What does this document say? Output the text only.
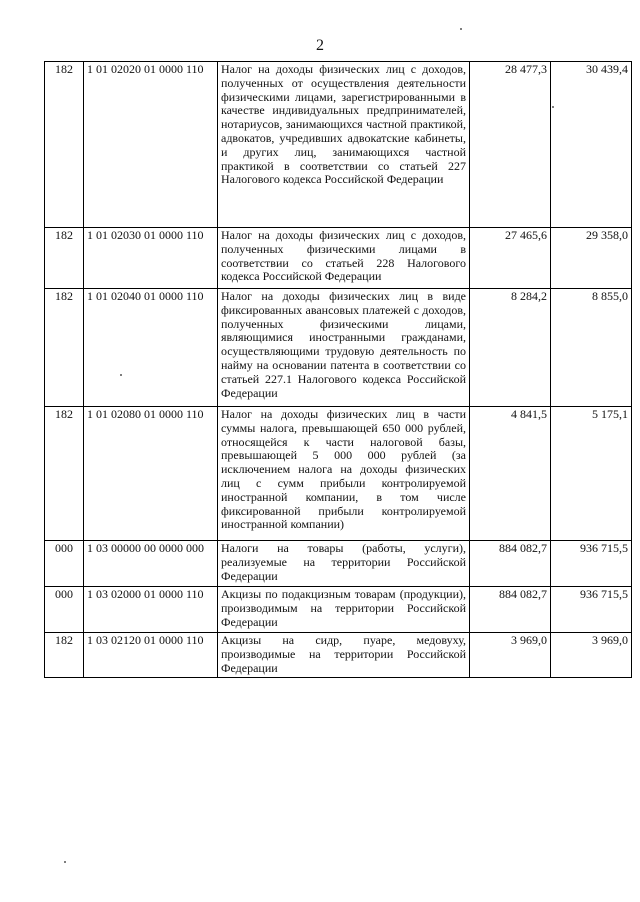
2
182	1 01 02020 01 0000 110	Налог на доходы физических лиц с доходов, полученных от осуществления деятельности физическими лицами, зарегистрированными в качестве индивидуальных предпринимателей, нотариусов, занимающихся частной практикой, адвокатов, учредивших адвокатские кабинеты, и других лиц, занимающихся частной практикой в соответствии со статьей 227 Налогового кодекса Российской Федерации	28 477,3	30 439,4
182	1 01 02030 01 0000 110	Налог на доходы физических лиц с доходов, полученных физическими лицами в соответствии со статьей 228 Налогового кодекса Российской Федерации	27 465,6	29 358,0
182	1 01 02040 01 0000 110	Налог на доходы физических лиц в виде фиксированных авансовых платежей с доходов, полученных физическими лицами, являющимися иностранными гражданами, осуществляющими трудовую деятельность по найму на основании патента в соответствии со статьей 227.1 Налогового кодекса Российской Федерации	8 284,2	8 855,0
182	1 01 02080 01 0000 110	Налог на доходы физических лиц в части суммы налога, превышающей 650 000 рублей, относящейся к части налоговой базы, превышающей 5 000 000 рублей (за исключением налога на доходы физических лиц с сумм прибыли контролируемой иностранной компании, в том числе фиксированной прибыли контролируемой иностранной компании)	4 841,5	5 175,1
000	1 03 00000 00 0000 000	Налоги на товары (работы, услуги), реализуемые на территории Российской Федерации	884 082,7	936 715,5
000	1 03 02000 01 0000 110	Акцизы по подакцизным товарам (продукции), производимым на территории Российской Федерации	884 082,7	936 715,5
182	1 03 02120 01 0000 110	Акцизы на сидр, пуаре, медовуху, производимые на территории Российской Федерации	3 969,0	3 969,0
